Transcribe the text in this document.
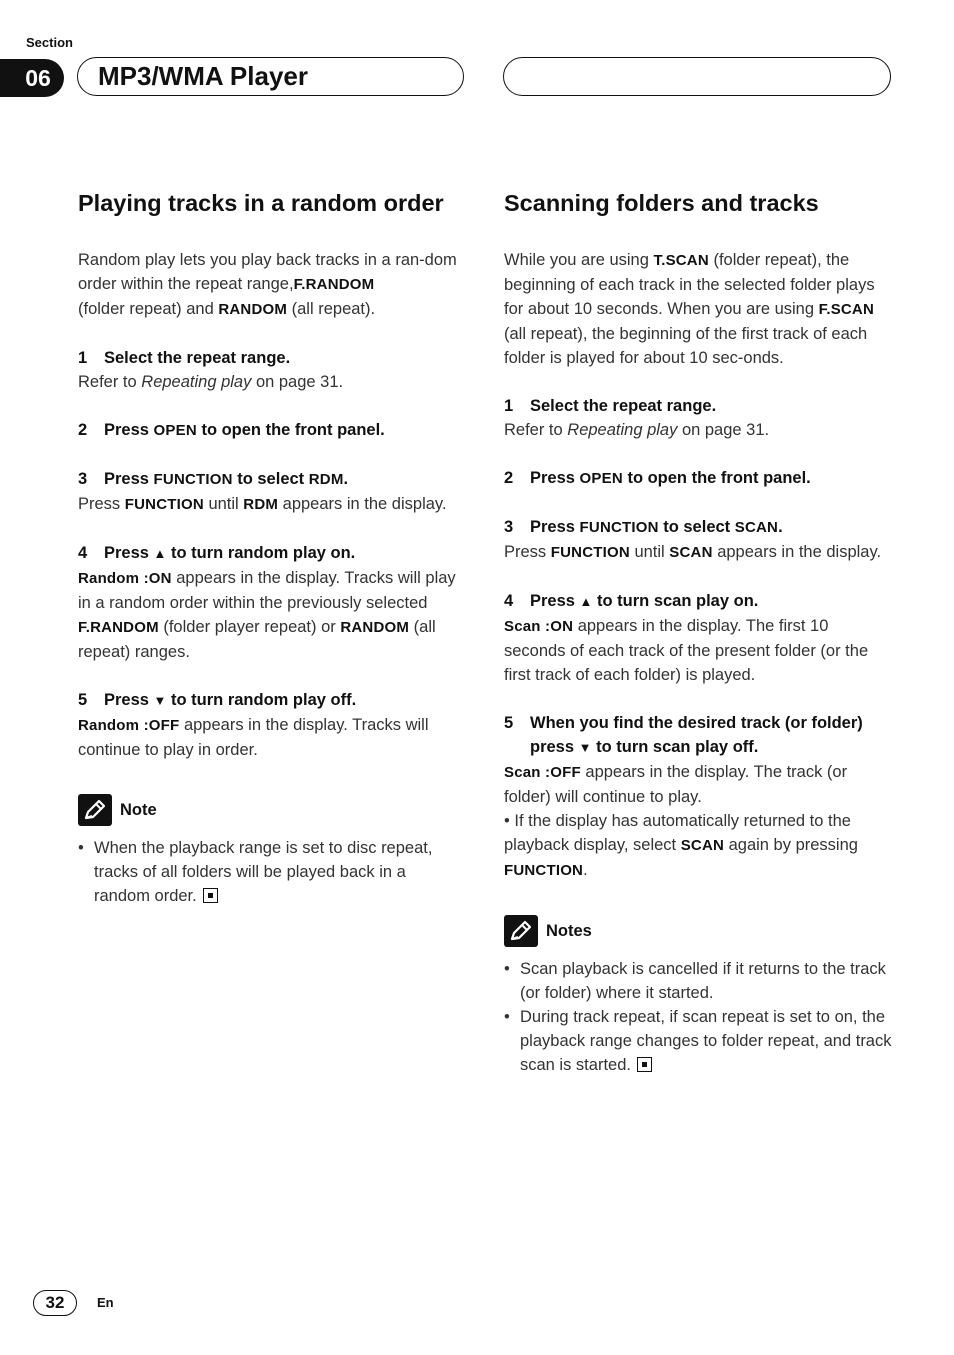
Section
06	MP3/WMA Player
Playing tracks in a random order

Random play lets you play back tracks in a ran-dom order within the repeat range,F.RANDOM
(folder repeat) and RANDOM (all repeat).

1 Select the repeat range.

Refer to Repeating play on page 31.

2 Press OPEN to open the front panel.

3 Press FUNCTION to select RDM.

Press FUNCTION until RDM appears in the display.

4 Press ▲ to turn random play on.

Random :ON appears in the display. Tracks will play in a random order within the previously selected F.RANDOM (folder player repeat) or RANDOM (all repeat) ranges.

5 Press ▼ to turn random play off.

Random :OFF appears in the display. Tracks will continue to play in order.

Note
• When the playback range is set to disc repeat, tracks of all folders will be played back in a random order.
Scanning folders and tracks

While you are using T.SCAN (folder repeat), the beginning of each track in the selected folder plays for about 10 seconds. When you are using F.SCAN (all repeat), the beginning of the first track of each folder is played for about 10 sec-onds.

1 Select the repeat range.

Refer to Repeating play on page 31.

2 Press OPEN to open the front panel.

3 Press FUNCTION to select SCAN.

Press FUNCTION until SCAN appears in the display.

4 Press ▲ to turn scan play on.

Scan :ON appears in the display. The first 10 seconds of each track of the present folder (or the first track of each folder) is played.

5	When you find the desired track (or folder) press ▼ to turn scan play off.

Scan :OFF appears in the display. The track (or folder) will continue to play.

• If the display has automatically returned to the playback display, select SCAN again by pressing FUNCTION.

Notes
• Scan playback is cancelled if it returns to the track (or folder) where it started.
• During track repeat, if scan repeat is set to on, the playback range changes to folder repeat, and track scan is started.
32	En
